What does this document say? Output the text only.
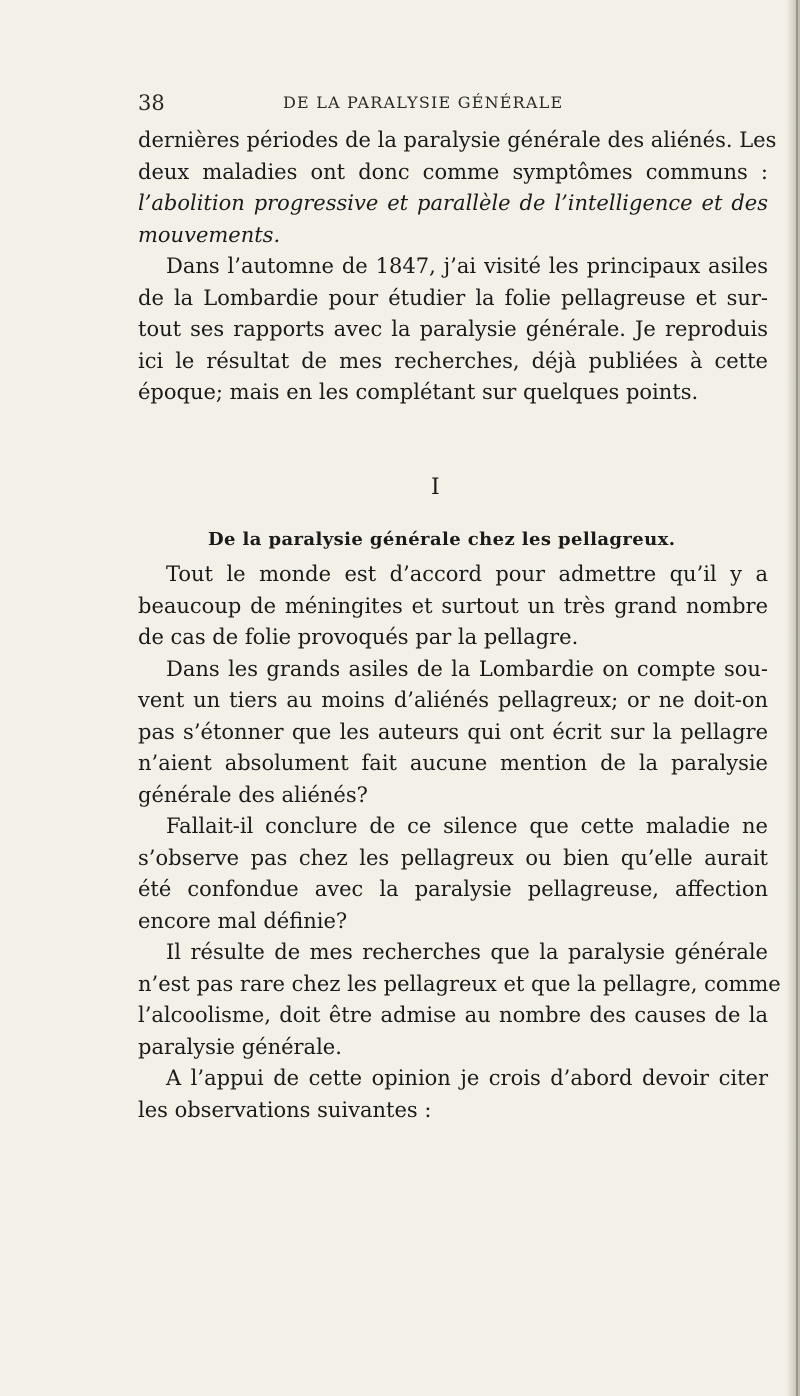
38	DE LA PARALYSIE GÉNÉRALE
dernières périodes de la paralysie générale des aliénés. Les
deux maladies ont donc comme symptômes communs :
l’abolition progressive et parallèle de l’intelligence et des
mouvements.
Dans l’automne de 1847, j’ai visité les principaux asiles
de la Lombardie pour étudier la folie pellagreuse et sur-
tout ses rapports avec la paralysie générale. Je reproduis
ici le résultat de mes recherches, déjà publiées à cette
époque; mais en les complétant sur quelques points.
I
De la paralysie générale chez les pellagreux.
Tout le monde est d’accord pour admettre qu’il y a
beaucoup de méningites et surtout un très grand nombre
de cas de folie provoqués par la pellagre.
Dans les grands asiles de la Lombardie on compte sou-
vent un tiers au moins d’aliénés pellagreux; or ne doit-on
pas s’étonner que les auteurs qui ont écrit sur la pellagre
n’aient absolument fait aucune mention de la paralysie
générale des aliénés?
Fallait-il conclure de ce silence que cette maladie ne
s’observe pas chez les pellagreux ou bien qu’elle aurait
été confondue avec la paralysie pellagreuse, affection
encore mal définie?
Il résulte de mes recherches que la paralysie générale
n’est pas rare chez les pellagreux et que la pellagre, comme
l’alcoolisme, doit être admise au nombre des causes de la
paralysie générale.
A l’appui de cette opinion je crois d’abord devoir citer
les observations suivantes :
